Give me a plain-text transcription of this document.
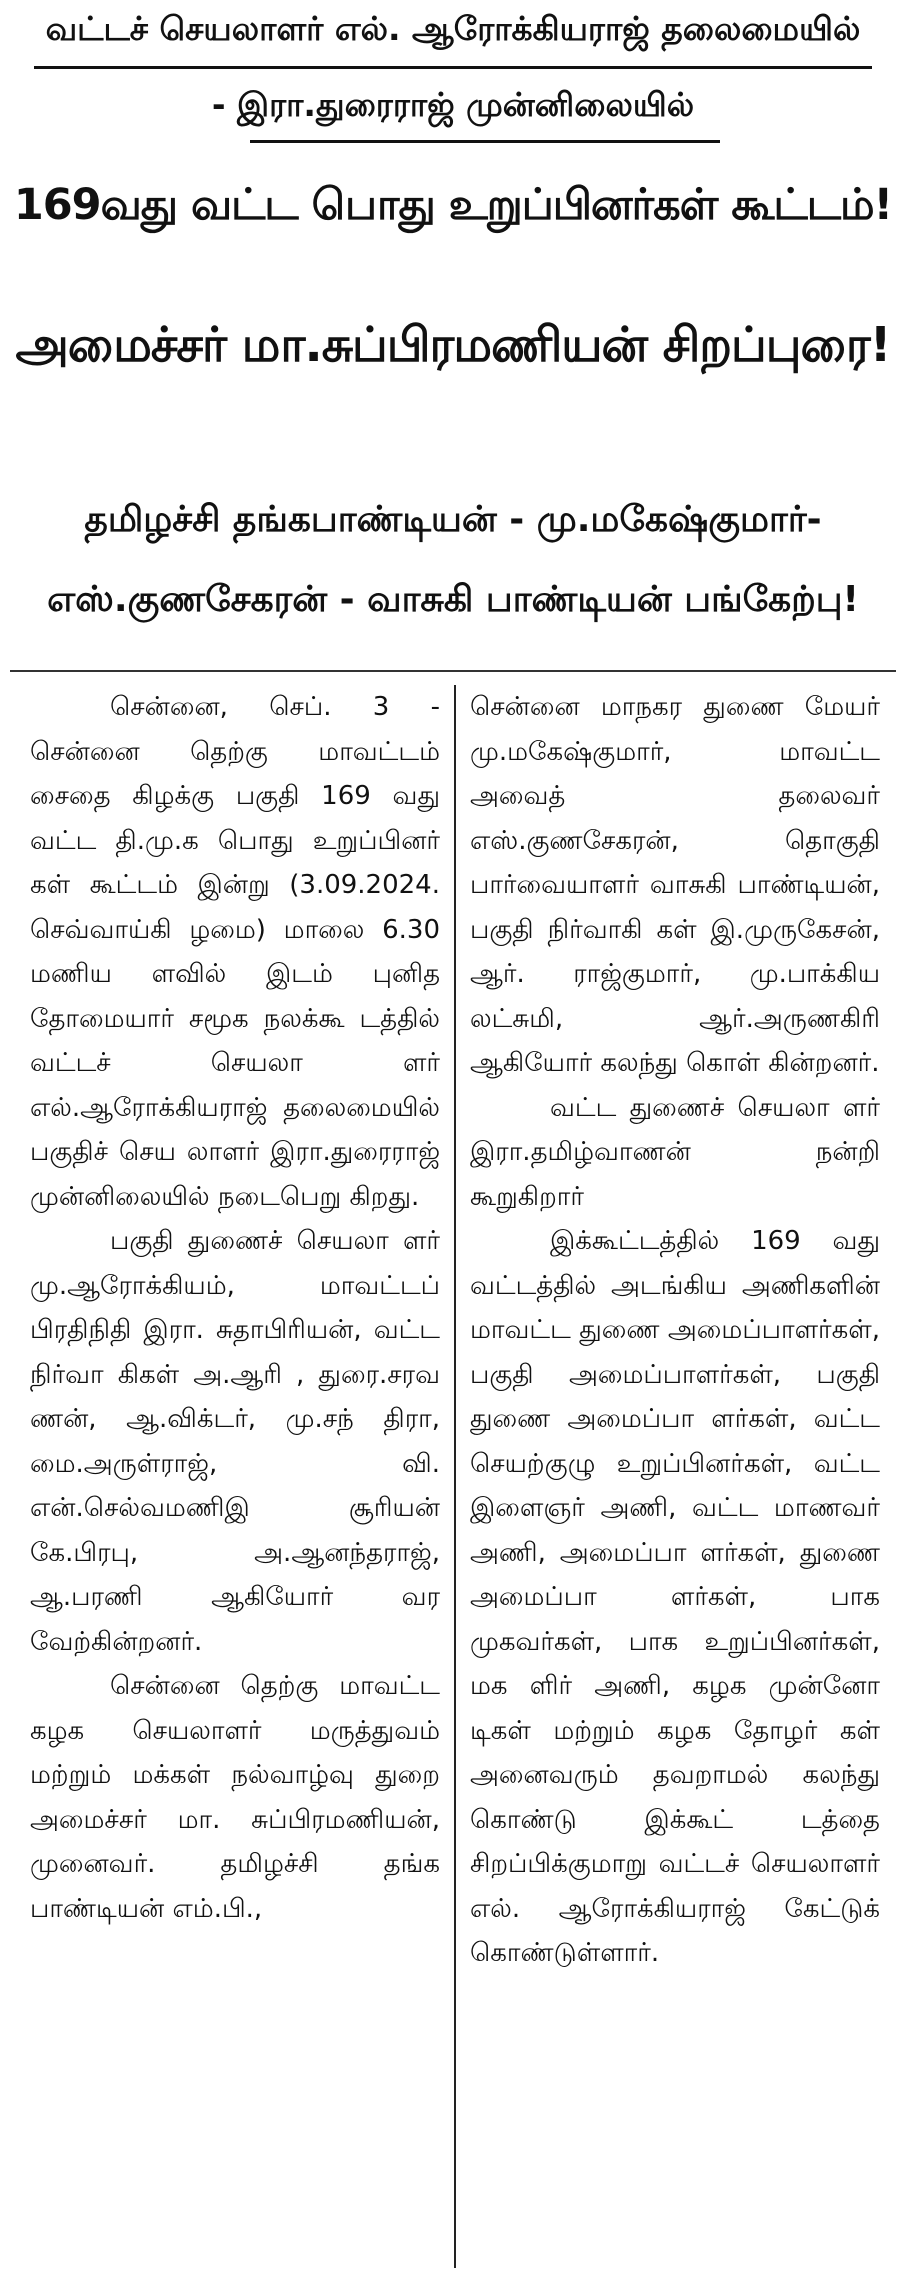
வட்டச் செயலாளர் எல். ஆரோக்கியராஜ் தலைமையில்
- இரா.துரைராஜ் முன்னிலையில்
169வது வட்ட பொது உறுப்பினர்கள் கூட்டம்!
அமைச்சர் மா.சுப்பிரமணியன் சிறப்புரை!
தமிழச்சி தங்கபாண்டியன் - மு.மகேஷ்குமார்-
எஸ்.குணசேகரன் - வாசுகி பாண்டியன் பங்கேற்பு!

சென்னை, செப். 3 - சென்னை தெற்கு மாவட்டம் சைதை கிழக்கு பகுதி 169 வது வட்ட தி.மு.க பொது உறுப்பினர் கள் கூட்டம் இன்று (3.09.2024. செவ்வாய்கி ழமை) மாலை 6.30 மணிய ளவில் இடம் புனித தோமையார் சமூக நலக்கூ டத்தில் வட்டச் செயலா ளர் எல்.ஆரோக்கியராஜ் தலைமையில் பகுதிச் செய லாளர் இரா.துரைராஜ் முன்னிலையில் நடைபெறு கிறது.

பகுதி துணைச் செயலா ளர் மு.ஆரோக்கியம், மாவட்டப் பிரதிநிதி இரா. சுதாபிரியன், வட்ட நிர்வா கிகள் அ.ஆரி , துரை.சரவ ணன், ஆ.விக்டர், மு.சந் திரா, மை.அருள்ராஜ், வி. என்.செல்வமணிஇ சூரியன் கே.பிரபு, அ.ஆனந்தராஜ், ஆ.பரணி ஆகியோர் வர வேற்கின்றனர்.

சென்னை தெற்கு மாவட்ட கழக செயலாளர் மருத்துவம் மற்றும் மக்கள் நல்வாழ்வு துறை அமைச்சர் மா. சுப்பிரமணியன், முனைவர். தமிழச்சி தங்க பாண்டியன் எம்.பி.,

சென்னை மாநகர துணை மேயர் மு.மகேஷ்குமார், மாவட்ட அவைத் தலைவர் எஸ்.குணசேகரன், தொகுதி பார்வையாளர் வாசுகி பாண்டியன், பகுதி நிர்வாகி கள் இ.முருகேசன், ஆர். ராஜ்குமார், மு.பாக்கிய லட்சுமி, ஆர்.அருணகிரி ஆகியோர் கலந்து கொள் கின்றனர்.

வட்ட துணைச் செயலா ளர் இரா.தமிழ்வாணன் நன்றி கூறுகிறார்

இக்கூட்டத்தில் 169 வது வட்டத்தில் அடங்கிய அணிகளின் மாவட்ட துணை அமைப்பாளர்கள், பகுதி அமைப்பாளர்கள், பகுதி துணை அமைப்பா ளர்கள், வட்ட செயற்குழு உறுப்பினர்கள், வட்ட இளைஞர் அணி, வட்ட மாணவர் அணி, அமைப்பா ளர்கள், துணை அமைப்பா ளர்கள், பாக முகவர்கள், பாக உறுப்பினர்கள், மக ளிர் அணி, கழக முன்னோ டிகள் மற்றும் கழக தோழர் கள் அனைவரும் தவறாமல் கலந்து கொண்டு இக்கூட் டத்தை சிறப்பிக்குமாறு வட்டச் செயலாளர் எல். ஆரோக்கியராஜ் கேட்டுக் கொண்டுள்ளார்.
